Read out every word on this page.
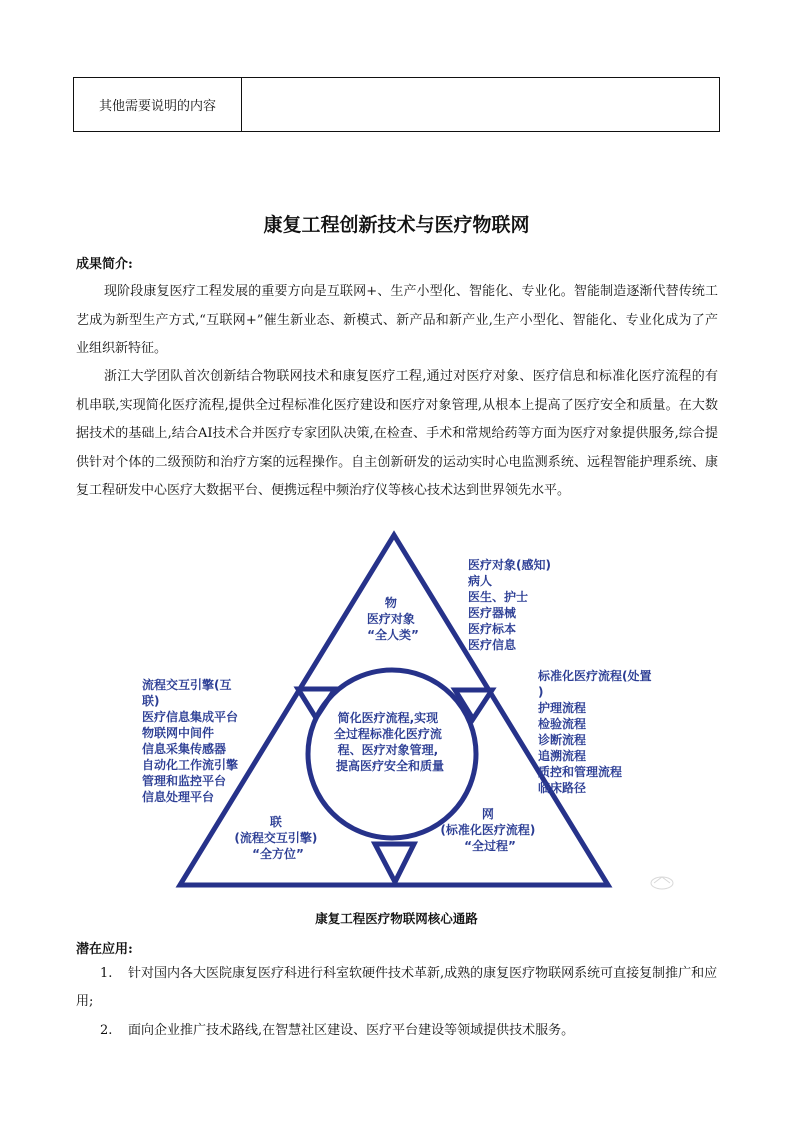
其他需要说明的内容
康复工程创新技术与医疗物联网
成果简介:
现阶段康复医疗工程发展的重要方向是互联网+、生产小型化、智能化、专业化。智能制造逐渐代替传统工艺成为新型生产方式,“互联网+”催生新业态、新模式、新产品和新产业,生产小型化、智能化、专业化成为了产业组织新特征。
浙江大学团队首次创新结合物联网技术和康复医疗工程,通过对医疗对象、医疗信息和标准化医疗流程的有机串联,实现简化医疗流程,提供全过程标准化医疗建设和医疗对象管理,从根本上提高了医疗安全和质量。在大数据技术的基础上,结合AI技术合并医疗专家团队决策,在检查、手术和常规给药等方面为医疗对象提供服务,综合提供针对个体的二级预防和治疗方案的远程操作。自主创新研发的运动实时心电监测系统、远程智能护理系统、康复工程研发中心医疗大数据平台、便携远程中频治疗仪等核心技术达到世界领先水平。
物 医疗对象 “全人类”
联 (流程交互引擎) “全方位”
网 (标准化医疗流程) “全过程”
简化医疗流程,实现 全过程标准化医疗流 程、医疗对象管理, 提高医疗安全和质量
医疗对象(感知) 病人 医生、护士 医疗器械 医疗标本 医疗信息
流程交互引擎(互 联) 医疗信息集成平台 物联网中间件 信息采集传感器 自动化工作流引擎 管理和监控平台 信息处理平台
标准化医疗流程(处置 ) 护理流程 检验流程 诊断流程 追溯流程 质控和管理流程 临床路径
康复工程医疗物联网核心通路
潜在应用:
1. 针对国内各大医院康复医疗科进行科室软硬件技术革新,成熟的康复医疗物联网系统可直接复制推广和应用;
2. 面向企业推广技术路线,在智慧社区建设、医疗平台建设等领域提供技术服务。
